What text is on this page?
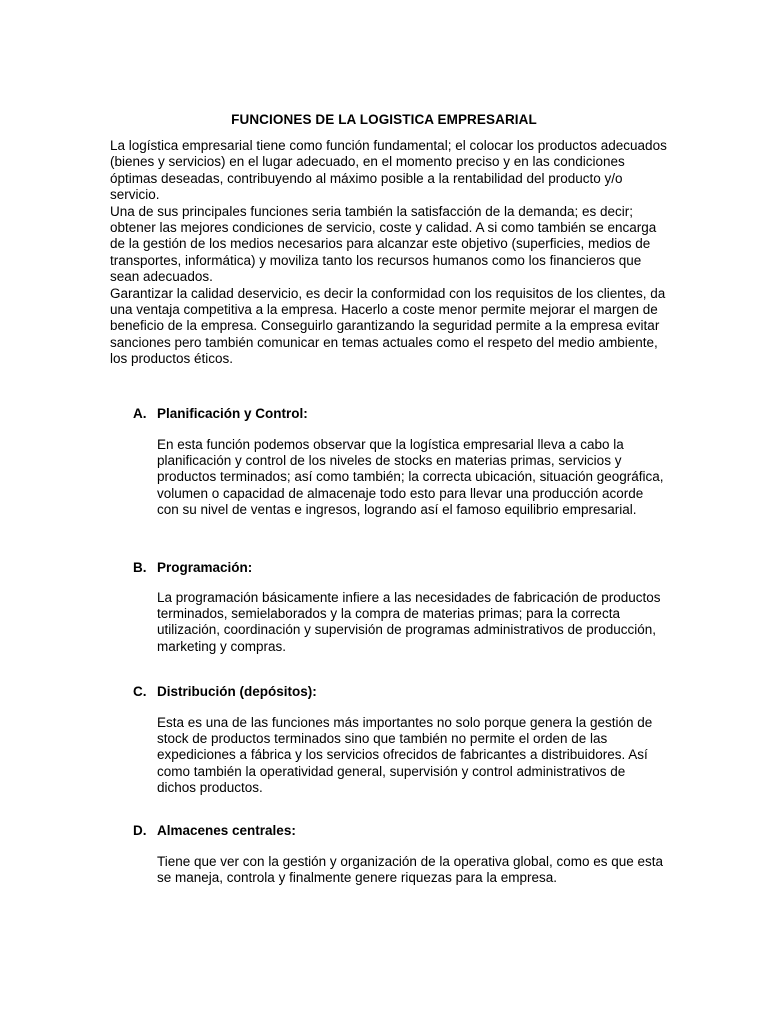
FUNCIONES DE LA LOGISTICA EMPRESARIAL

La logística empresarial tiene como función fundamental; el colocar los productos adecuados (bienes y servicios) en el lugar adecuado, en el momento preciso y en las condiciones óptimas deseadas, contribuyendo al máximo posible a la rentabilidad del producto y/o servicio.

Una de sus principales funciones seria también la satisfacción de la demanda; es decir; obtener las mejores condiciones de servicio, coste y calidad. A si como también se encarga de la gestión de los medios necesarios para alcanzar este objetivo (superficies, medios de transportes, informática) y moviliza tanto los recursos humanos como los financieros que sean adecuados.

Garantizar la calidad deservicio, es decir la conformidad con los requisitos de los clientes, da una ventaja competitiva a la empresa. Hacerlo a coste menor permite mejorar el margen de beneficio de la empresa. Conseguirlo garantizando la seguridad permite a la empresa evitar sanciones pero también comunicar en temas actuales como el respeto del medio ambiente, los productos éticos.

A. Planificación y Control:
En esta función podemos observar que la logística empresarial lleva a cabo la planificación y control de los niveles de stocks en materias primas, servicios y productos terminados; así como también; la correcta ubicación, situación geográfica, volumen o capacidad de almacenaje todo esto para llevar una producción acorde con su nivel de ventas e ingresos, logrando así el famoso equilibrio empresarial.
B. Programación:
La programación básicamente infiere a las necesidades de fabricación de productos terminados, semielaborados y la compra de materias primas; para la correcta utilización, coordinación y supervisión de programas administrativos de producción, marketing y compras.
C. Distribución (depósitos):
Esta es una de las funciones más importantes no solo porque genera la gestión de stock de productos terminados sino que también no permite el orden de las expediciones a fábrica y los servicios ofrecidos de fabricantes a distribuidores. Así como también la operatividad general, supervisión y control administrativos de dichos productos.
D. Almacenes centrales:
Tiene que ver con la gestión y organización de la operativa global, como es que esta se maneja, controla y finalmente genere riquezas para la empresa.
